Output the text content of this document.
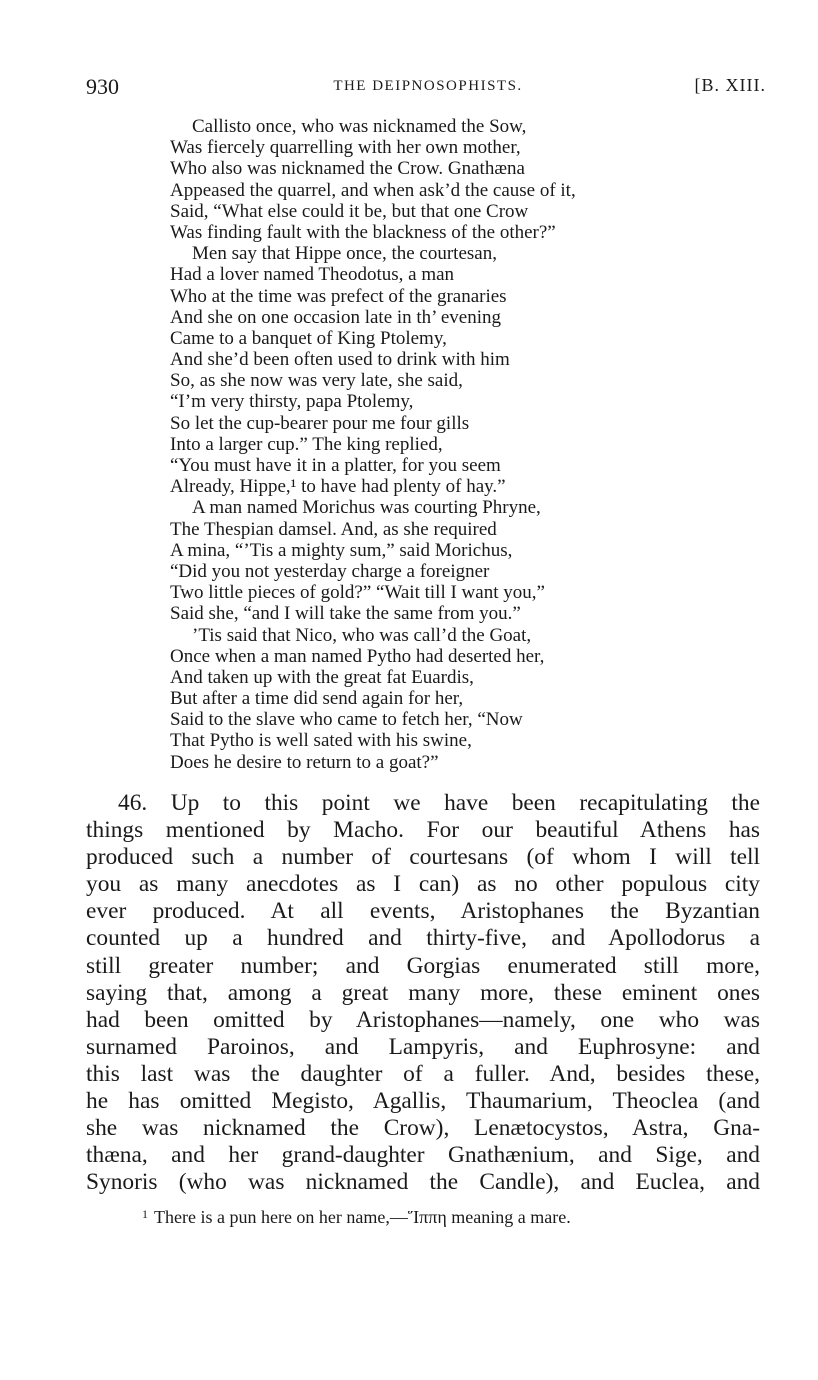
930	THE DEIPNOSOPHISTS.	[B. XIII.
Callisto once, who was nicknamed the Sow,
Was fiercely quarrelling with her own mother,
Who also was nicknamed the Crow. Gnathæna
Appeased the quarrel, and when ask’d the cause of it,
Said, “What else could it be, but that one Crow
Was finding fault with the blackness of the other?”
Men say that Hippe once, the courtesan,
Had a lover named Theodotus, a man
Who at the time was prefect of the granaries
And she on one occasion late in th’ evening
Came to a banquet of King Ptolemy,
And she’d been often used to drink with him
So, as she now was very late, she said,
“I’m very thirsty, papa Ptolemy,
So let the cup-bearer pour me four gills
Into a larger cup.” The king replied,
“You must have it in a platter, for you seem
Already, Hippe,¹ to have had plenty of hay.”
A man named Morichus was courting Phryne,
The Thespian damsel. And, as she required
A mina, “’Tis a mighty sum,” said Morichus,
“Did you not yesterday charge a foreigner
Two little pieces of gold?” “Wait till I want you,”
Said she, “and I will take the same from you.”
’Tis said that Nico, who was call’d the Goat,
Once when a man named Pytho had deserted her,
And taken up with the great fat Euardis,
But after a time did send again for her,
Said to the slave who came to fetch her, “Now
That Pytho is well sated with his swine,
Does he desire to return to a goat?”
46. Up to this point we have been recapitulating the
things mentioned by Macho. For our beautiful Athens has
produced such a number of courtesans (of whom I will tell
you as many anecdotes as I can) as no other populous city
ever produced. At all events, Aristophanes the Byzantian
counted up a hundred and thirty-five, and Apollodorus a
still greater number; and Gorgias enumerated still more,
saying that, among a great many more, these eminent ones
had been omitted by Aristophanes—namely, one who was
surnamed Paroinos, and Lampyris, and Euphrosyne: and
this last was the daughter of a fuller. And, besides these,
he has omitted Megisto, Agallis, Thaumarium, Theoclea (and
she was nicknamed the Crow), Lenætocystos, Astra, Gna-
thæna, and her grand-daughter Gnathænium, and Sige, and
Synoris (who was nicknamed the Candle), and Euclea, and
$^1$ There is a pun here on her name,—Ἵππη meaning a mare.
